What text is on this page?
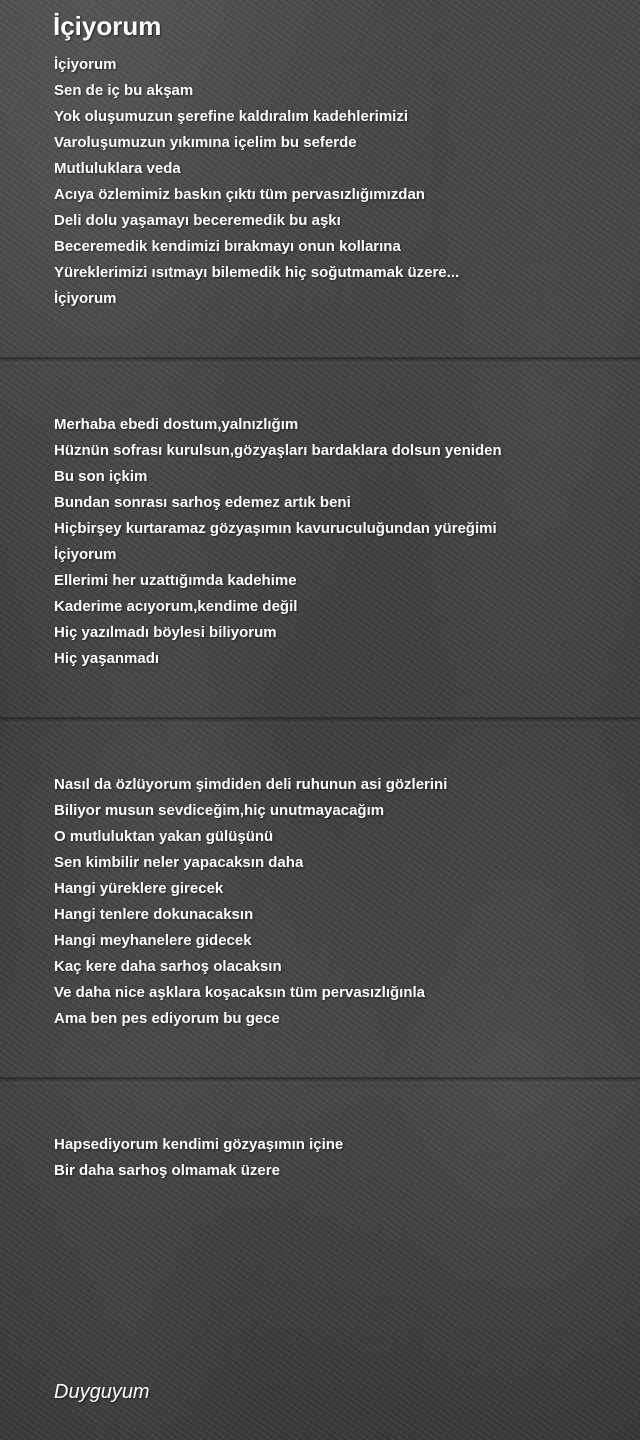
İçiyorum
İçiyorum
Sen de iç bu akşam
Yok oluşumuzun şerefine kaldıralım kadehlerimizi
Varoluşumuzun yıkımına içelim bu seferde
Mutluluklara veda
Acıya özlemimiz baskın çıktı tüm pervasızlığımızdan
Deli dolu yaşamayı beceremedik bu aşkı
Beceremedik kendimizi bırakmayı onun kollarına
Yüreklerimizi ısıtmayı bilemedik hiç soğutmamak üzere...
İçiyorum
Merhaba ebedi dostum,yalnızlığım
Hüznün sofrası kurulsun,gözyaşları bardaklara dolsun yeniden
Bu son içkim
Bundan sonrası sarhoş edemez artık beni
Hiçbirşey kurtaramaz gözyaşımın kavuruculuğundan yüreğimi
İçiyorum
Ellerimi her uzattığımda kadehime
Kaderime acıyorum,kendime değil
Hiç yazılmadı böylesi biliyorum
Hiç yaşanmadı
Nasıl da özlüyorum şimdiden deli ruhunun asi gözlerini
Biliyor musun sevdiceğim,hiç unutmayacağım
O mutluluktan yakan gülüşünü
Sen kimbilir neler yapacaksın daha
Hangi yüreklere girecek
Hangi tenlere dokunacaksın
Hangi meyhanelere gidecek
Kaç kere daha sarhoş olacaksın
Ve daha nice aşklara koşacaksın tüm pervasızlığınla
Ama ben pes ediyorum bu gece
Hapsediyorum kendimi gözyaşımın içine
Bir daha sarhoş olmamak üzere
Duyguyum
